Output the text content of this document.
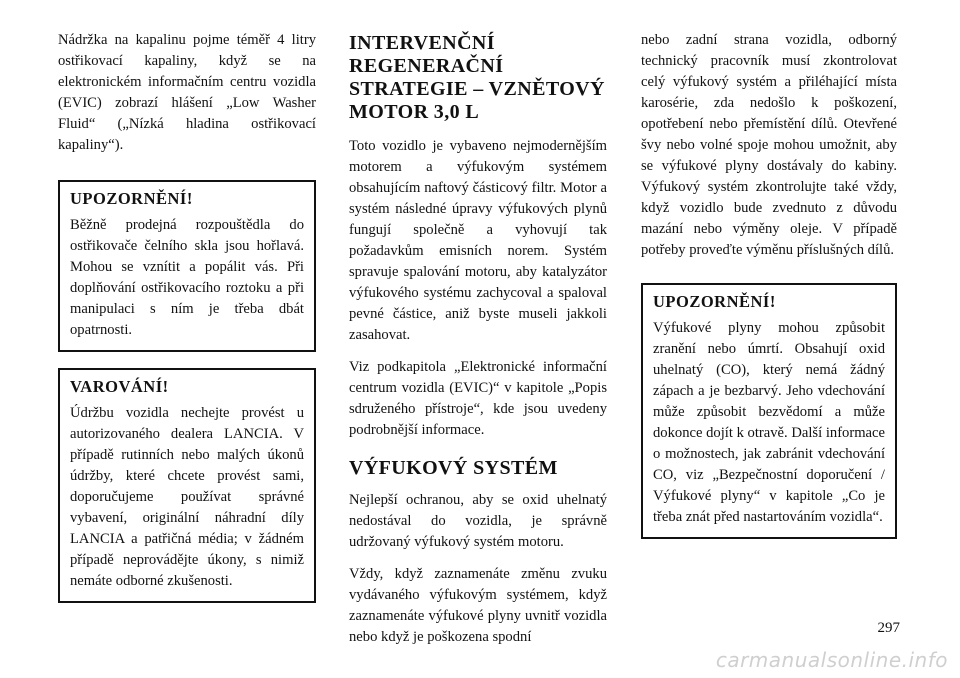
Nádržka na kapalinu pojme téměř 4 litry ostřikovací kapaliny, když se na elektronickém informačním centru vozidla (EVIC) zobrazí hlášení „Low Washer Fluid“ („Nízká hladina ostřikovací kapaliny“).

UPOZORNĚNÍ!

Běžně prodejná rozpouštědla do ostřikovače čelního skla jsou hořlavá. Mohou se vznítit a popálit vás. Při doplňování ostřikovacího roztoku a při manipulaci s ním je třeba dbát opatrnosti.

VAROVÁNÍ!

Údržbu vozidla nechejte provést u autorizovaného dealera LANCIA. V případě rutinních nebo malých úkonů údržby, které chcete provést sami, doporučujeme používat správné vybavení, originální náhradní díly LANCIA a patřičná média; v žádném případě neprovádějte úkony, s nimiž nemáte odborné zkušenosti.

INTERVENČNÍ REGENERAČNÍ STRATEGIE – VZNĚTOVÝ MOTOR 3,0 L

Toto vozidlo je vybaveno nejmodernějším motorem a výfukovým systémem obsahujícím naftový částicový filtr. Motor a systém následné úpravy výfukových plynů fungují společně a vyhovují tak požadavkům emisních norem. Systém spravuje spalování motoru, aby katalyzátor výfukového systému zachycoval a spaloval pevné částice, aniž byste museli jakkoli zasahovat.

Viz podkapitola „Elektronické informační centrum vozidla (EVIC)“ v kapitole „Popis sdruženého přístroje“, kde jsou uvedeny podrobnější informace.

VÝFUKOVÝ SYSTÉM

Nejlepší ochranou, aby se oxid uhelnatý nedostával do vozidla, je správně udržovaný výfukový systém motoru.

Vždy, když zaznamenáte změnu zvuku vydávaného výfukovým systémem, když zaznamenáte výfukové plyny uvnitř vozidla nebo když je poškozena spodní

nebo zadní strana vozidla, odborný technický pracovník musí zkontrolovat celý výfukový systém a přiléhající místa karosérie, zda nedošlo k poškození, opotřebení nebo přemístění dílů. Otevřené švy nebo volné spoje mohou umožnit, aby se výfukové plyny dostávaly do kabiny. Výfukový systém zkontrolujte také vždy, když vozidlo bude zvednuto z důvodu mazání nebo výměny oleje. V případě potřeby proveďte výměnu příslušných dílů.

UPOZORNĚNÍ!

Výfukové plyny mohou způsobit zranění nebo úmrtí. Obsahují oxid uhelnatý (CO), který nemá žádný zápach a je bezbarvý. Jeho vdechování může způsobit bezvědomí a může dokonce dojít k otravě. Další informace o možnostech, jak zabránit vdechování CO, viz „Bezpečnostní doporučení / Výfukové plyny“ v kapitole „Co je třeba znát před nastartováním vozidla“.

297
carmanualsonline.info
